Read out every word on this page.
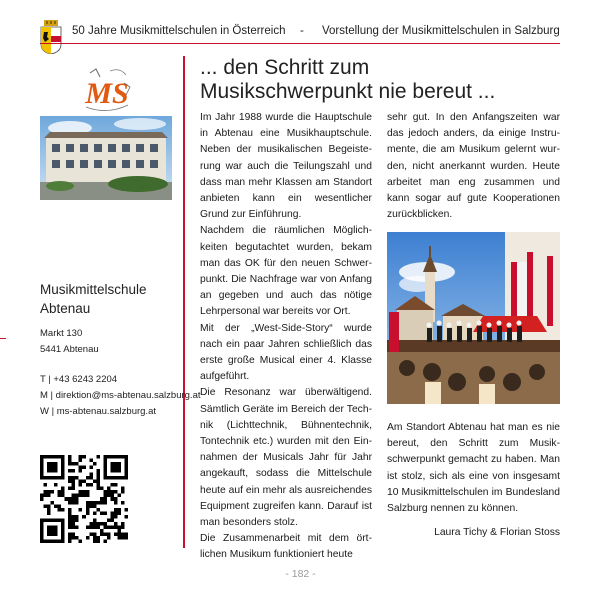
50 Jahre Musikmittelschulen in Österreich - Vorstellung der Musikmittelschulen in Salzburg
MS
Musikmittelschule
Abtenau
Markt 130
5441 Abtenau
T | +43 6243 2204
M | direktion@ms-abtenau.salzburg.at
W | ms-abtenau.salzburg.at
... den Schritt zum
Musikschwerpunkt nie bereut ...

Im Jahr 1988 wurde die Hauptschule in Abtenau eine Musikhauptschule. Neben der musikalischen Begeisterung war auch die Teilungszahl und dass man mehr Klassen am Standort anbieten kann ein wesentlicher Grund zur Einführung.

Nachdem die räumlichen Möglichkeiten begutachtet wurden, bekam man das OK für den neuen Schwerpunkt. Die Nachfrage war von Anfang an gegeben und auch das nötige Lehrpersonal war bereits vor Ort.

Mit der „West-Side-Story“ wurde nach ein paar Jahren schließlich das erste große Musical einer 4. Klasse aufgeführt.

Die Resonanz war überwältigend. Sämtlich Geräte im Bereich der Technik (Lichttechnik, Bühnentechnik, Tontechnik etc.) wurden mit den Einnahmen der Musicals Jahr für Jahr angekauft, sodass die Mittelschule heute auf ein mehr als ausreichendes Equipment zugreifen kann. Darauf ist man besonders stolz.

Die Zusammenarbeit mit dem örtlichen Musikum funktioniert heute

sehr gut. In den Anfangszeiten war das jedoch anders, da einige Instrumente, die am Musikum gelernt wurden, nicht anerkannt wurden. Heute arbeitet man eng zusammen und kann sogar auf gute Kooperationen zurückblicken.

Am Standort Abtenau hat man es nie bereut, den Schritt zum Musikschwerpunkt gemacht zu haben. Man ist stolz, sich als eine von insgesamt 10 Musikmittelschulen im Bundesland Salzburg nennen zu können.

Laura Tichy & Florian Stoss
- 182 -
